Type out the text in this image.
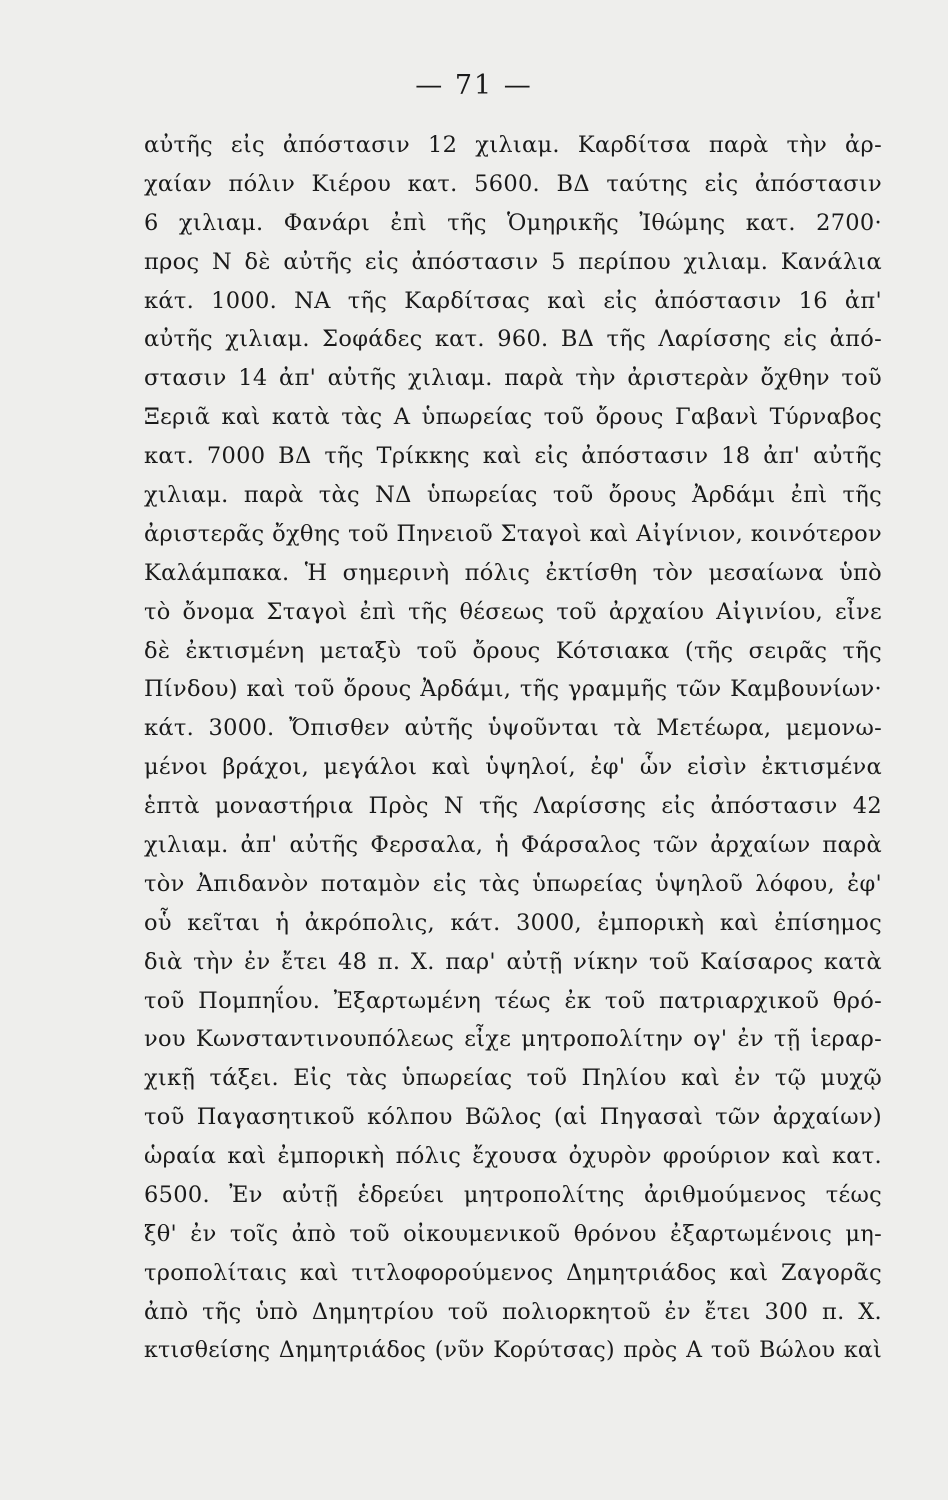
— 71 —
αὐτῆς εἰς ἀπόστασιν 12 χιλιαμ. Καρδίτσα παρὰ τὴν ἀρ-
χαίαν πόλιν Κιέρου κατ. 5600. ΒΔ ταύτης εἰς ἀπόστασιν
6 χιλιαμ. Φανάρι ἐπὶ τῆς Ὁμηρικῆς Ἰθώμης κατ. 2700·
προς Ν δὲ αὐτῆς εἰς ἀπόστασιν 5 περίπου χιλιαμ. Κανάλια
κάτ. 1000. ΝΑ τῆς Καρδίτσας καὶ εἰς ἀπόστασιν 16 ἀπ'
αὐτῆς χιλιαμ. Σοφάδες κατ. 960. ΒΔ τῆς Λαρίσσης εἰς ἀπό-
στασιν 14 ἀπ' αὐτῆς χιλιαμ. παρὰ τὴν ἀριστερὰν ὄχθην τοῦ
Ξεριᾶ καὶ κατὰ τὰς Α ὑπωρείας τοῦ ὄρους Γαβανὶ Τύρναβος
κατ. 7000 ΒΔ τῆς Τρίκκης καὶ εἰς ἀπόστασιν 18 ἀπ' αὐτῆς
χιλιαμ. παρὰ τὰς ΝΔ ὑπωρείας τοῦ ὄρους Ἀρδάμι ἐπὶ τῆς
ἀριστερᾶς ὄχθης τοῦ Πηνειοῦ Σταγοὶ καὶ Αἰγίνιον, κοινότερον
Καλάμπακα. Ἡ σημερινὴ πόλις ἐκτίσθη τὸν μεσαίωνα ὑπὸ
τὸ ὄνομα Σταγοὶ ἐπὶ τῆς θέσεως τοῦ ἀρχαίου Αἰγινίου, εἶνε
δὲ ἐκτισμένη μεταξὺ τοῦ ὄρους Κότσιακα (τῆς σειρᾶς τῆς
Πίνδου) καὶ τοῦ ὄρους Ἀρδάμι, τῆς γραμμῆς τῶν Καμβουνίων·
κάτ. 3000. Ὄπισθεν αὐτῆς ὑψοῦνται τὰ Μετέωρα, μεμονω-
μένοι βράχοι, μεγάλοι καὶ ὑψηλοί, ἐφ' ὧν εἰσὶν ἐκτισμένα
ἑπτὰ μοναστήρια Πρὸς Ν τῆς Λαρίσσης εἰς ἀπόστασιν 42
χιλιαμ. ἀπ' αὐτῆς Φερσαλα, ἡ Φάρσαλος τῶν ἀρχαίων παρὰ
τὸν Ἀπιδανὸν ποταμὸν εἰς τὰς ὑπωρείας ὑψηλοῦ λόφου, ἐφ'
οὗ κεῖται ἡ ἀκρόπολις, κάτ. 3000, ἐμπορικὴ καὶ ἐπίσημος
διὰ τὴν ἐν ἔτει 48 π. Χ. παρ' αὐτῇ νίκην τοῦ Καίσαρος κατὰ
τοῦ Πομπηΐου. Ἐξαρτωμένη τέως ἐκ τοῦ πατριαρχικοῦ θρό-
νου Κωνσταντινουπόλεως εἶχε μητροπολίτην ογ' ἐν τῇ ἱεραρ-
χικῇ τάξει. Εἰς τὰς ὑπωρείας τοῦ Πηλίου καὶ ἐν τῷ μυχῷ
τοῦ Παγασητικοῦ κόλπου Βῶλος (αἱ Πηγασαὶ τῶν ἀρχαίων)
ὡραία καὶ ἐμπορικὴ πόλις ἔχουσα ὀχυρὸν φρούριον καὶ κατ.
6500. Ἐν αὐτῇ ἑδρεύει μητροπολίτης ἀριθμούμενος τέως
ξθ' ἐν τοῖς ἀπὸ τοῦ οἰκουμενικοῦ θρόνου ἐξαρτωμένοις μη-
τροπολίταις καὶ τιτλοφορούμενος Δημητριάδος καὶ Ζαγορᾶς
ἀπὸ τῆς ὑπὸ Δημητρίου τοῦ πολιορκητοῦ ἐν ἔτει 300 π. Χ.
κτισθείσης Δημητριάδος (νῦν Κορύτσας) πρὸς Α τοῦ Βώλου καὶ
